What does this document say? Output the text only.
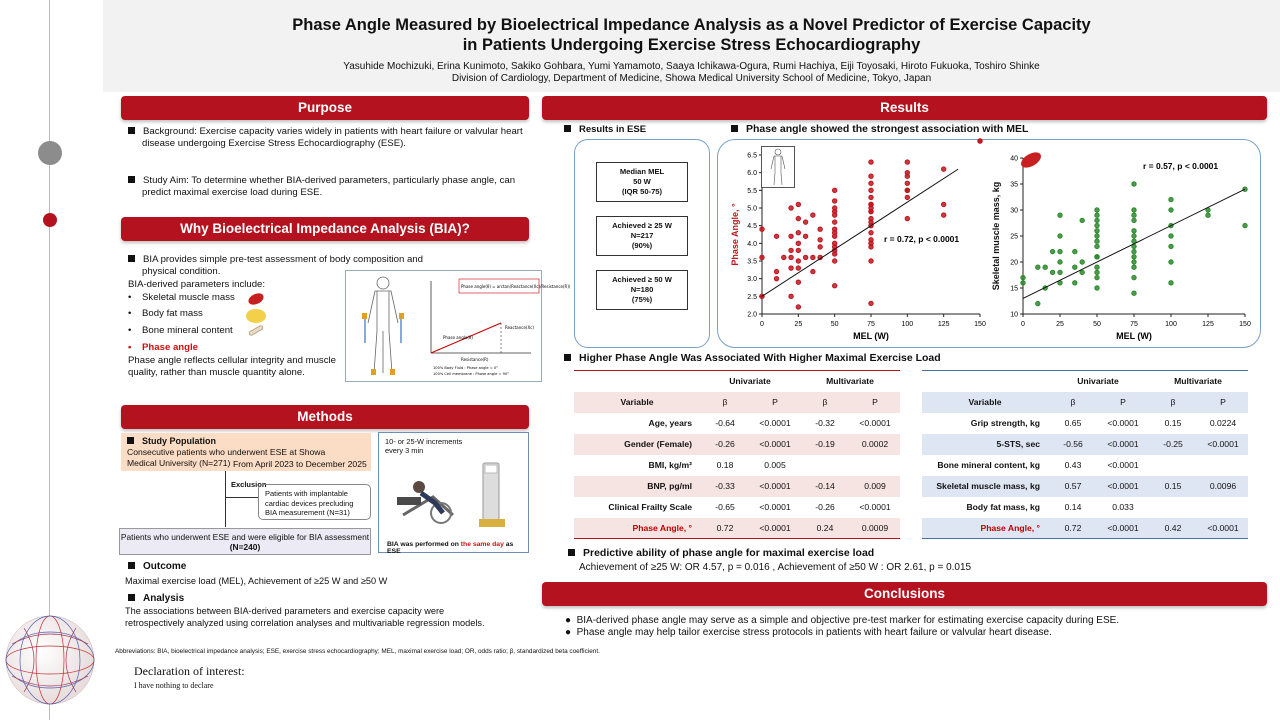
Phase Angle Measured by Bioelectrical Impedance Analysis as a Novel Predictor of Exercise Capacity
in Patients Undergoing Exercise Stress Echocardiography
Yasuhide Mochizuki, Erina Kunimoto, Sakiko Gohbara, Yumi Yamamoto, Saaya Ichikawa-Ogura, Rumi Hachiya, Eiji Toyosaki, Hiroto Fukuoka, Toshiro Shinke
Division of Cardiology, Department of Medicine, Showa Medical University School of Medicine, Tokyo, Japan
Purpose
Background: Exercise capacity varies widely in patients with heart failure or valvular heart disease undergoing Exercise Stress Echocardiography (ESE).
Study Aim: To determine whether BIA-derived parameters, particularly phase angle, can predict maximal exercise load during ESE.
Why Bioelectrical Impedance Analysis (BIA)?
BIA provides simple pre-test assessment of body composition and physical condition.
BIA-derived parameters include:
•    Skeletal muscle mass
•    Body fat mass
•    Bone mineral content
•    Phase angle
Phase angle reflects cellular integrity and muscle quality, rather than muscle quantity alone.
Phase angle(θ) = arctan(Reactance(Xc)/Resistance(R))
Phase angle(θ)
Resistance(R)
Reactance(Xc)
100% Body Fluid : Phase angle = 0°
100% Cell membrane : Phase angle = 90°
Methods
Study Population
Consecutive patients who underwent ESE at Showa Medical University (N=271) From April 2023 to December 2025
Exclusion
Patients with implantable cardiac devices precluding BIA measurement (N=31)
Patients who underwent ESE and were eligible for BIA assessment (N=240)
10- or 25-W increments every 3 min
BIA was performed on the same day as ESE
Outcome
Maximal exercise load (MEL), Achievement of ≥25 W and ≥50 W
Analysis
The associations between BIA-derived parameters and exercise capacity were retrospectively analyzed using correlation analyses and multivariable regression models.
Abbreviations: BIA, bioelectrical impedance analysis; ESE, exercise stress echocardiography; MEL, maximal exercise load; OR, odds ratio; β, standardized beta coefficient.
Declaration of interest:
I have nothing to declare
Results
Results in ESE	Phase angle showed the strongest association with MEL
Median MEL
50 W
(IQR 50-75)
Achieved ≥ 25 W
N=217
(90%)
Achieved ≥ 50 W
N=180
(75%)
0	25	50	75	100	125	150
2.0
2.5
3.0
3.5
4.0
4.5
5.0
5.5
6.0
6.5
MEL (W)
Phase Angle, °	r = 0.72, p < 0.0001
0	25	50	75	100	125	150
10
15
20
25
30
35
40
MEL (W)
Skeletal muscle mass, kg
r = 0.57, p < 0.0001
Higher Phase Angle Was Associated With Higher Maximal Exercise Load
	Univariate		Multivariate	
Variable	β	P	β	P
Age, years	-0.64	<0.0001	-0.32	<0.0001
Gender (Female)	-0.26	<0.0001	-0.19	0.0002
BMI, kg/m²	0.18	0.005		
BNP, pg/ml	-0.33	<0.0001	-0.14	0.009
Clinical Frailty Scale	-0.65	<0.0001	-0.26	<0.0001
Phase Angle, °	0.72	<0.0001	0.24	0.0009
	Univariate		Multivariate	
Variable	β	P	β	P
Grip strength, kg	0.65	<0.0001	0.15	0.0224
5-STS, sec	-0.56	<0.0001	-0.25	<0.0001
Bone mineral content, kg	0.43	<0.0001		
Skeletal muscle mass, kg	0.57	<0.0001	0.15	0.0096
Body fat mass, kg	0.14	0.033		
Phase Angle, °	0.72	<0.0001	0.42	<0.0001
Predictive ability of phase angle for maximal exercise load
Achievement of ≥25 W: OR 4.57, p = 0.016 , Achievement of ≥50 W : OR 2.61, p = 0.015
Conclusions
●  BIA-derived phase angle may serve as a simple and objective pre-test marker for estimating exercise capacity during ESE.
●  Phase angle may help tailor exercise stress protocols in patients with heart failure or valvular heart disease.
